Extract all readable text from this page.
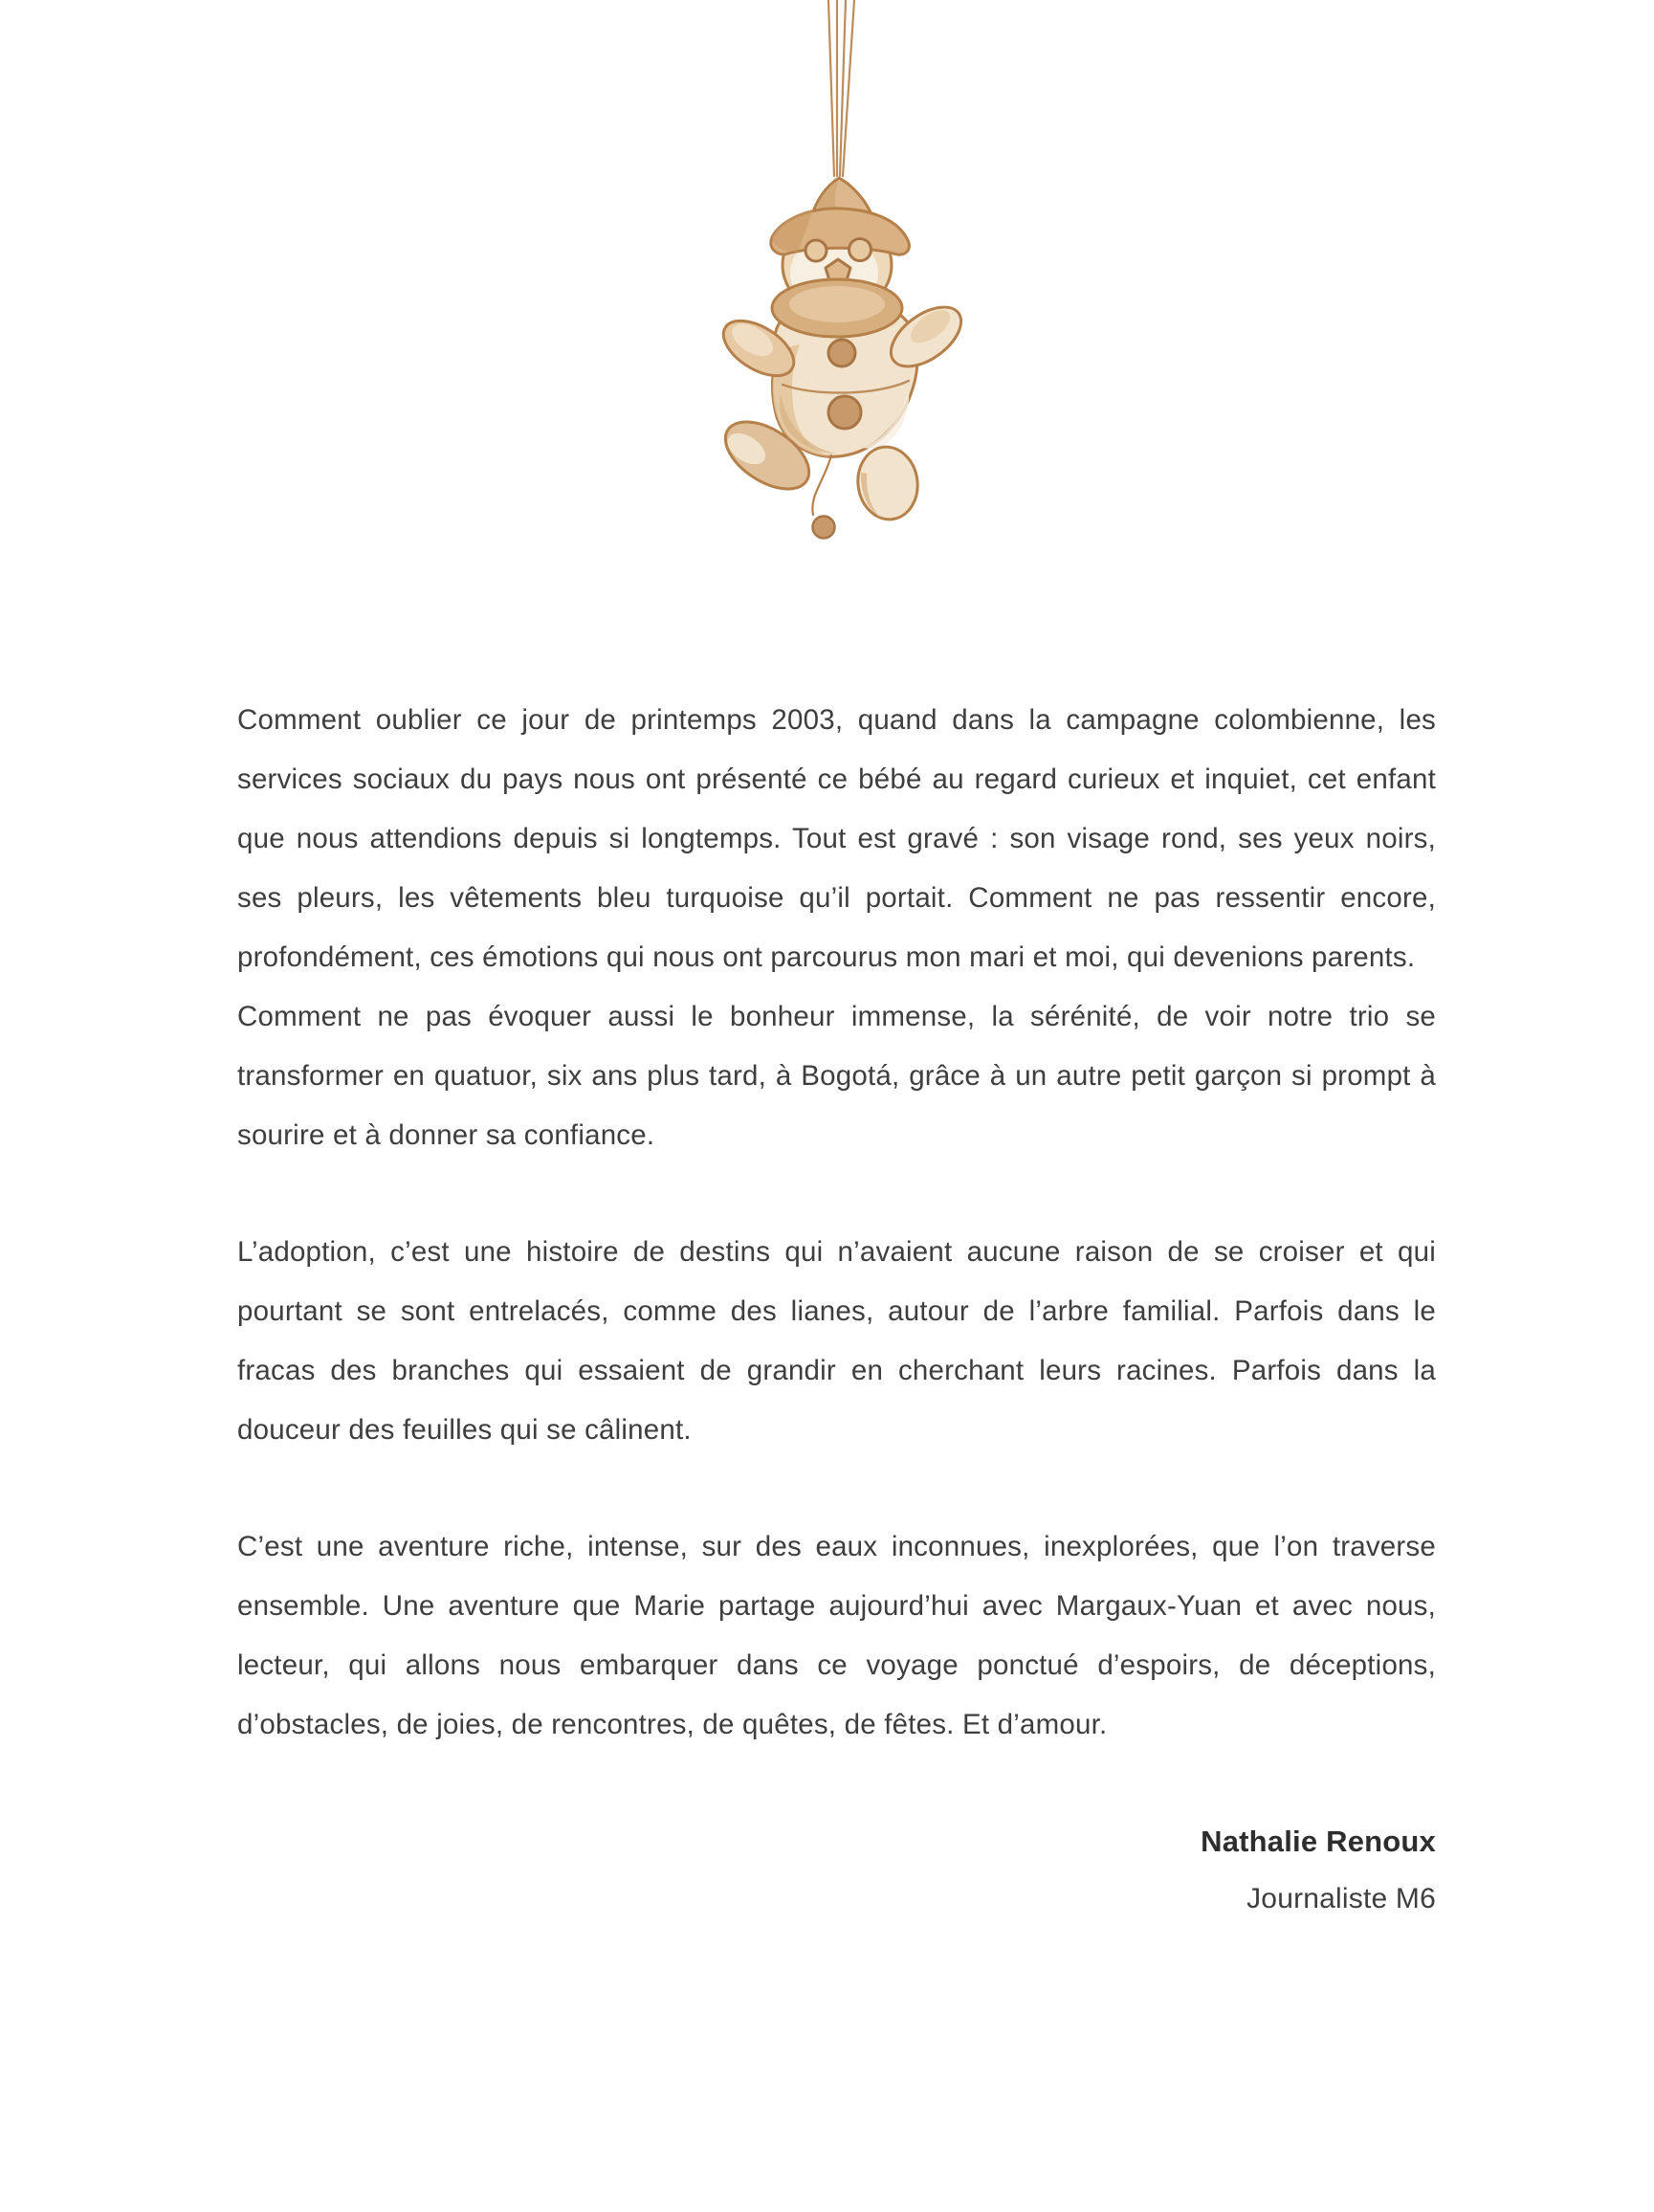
Comment oublier ce jour de printemps 2003, quand dans la campagne colombienne, les services sociaux du pays nous ont présenté ce bébé au regard curieux et inquiet, cet enfant que nous attendions depuis si longtemps. Tout est gravé : son visage rond, ses yeux noirs, ses pleurs, les vêtements bleu turquoise qu’il portait. Comment ne pas ressentir encore, profondément, ces émotions qui nous ont parcourus mon mari et moi, qui devenions parents.

Comment ne pas évoquer aussi le bonheur immense, la sérénité, de voir notre trio se transformer en quatuor, six ans plus tard, à Bogotá, grâce à un autre petit garçon si prompt à sourire et à donner sa confiance.

L’adoption, c’est une histoire de destins qui n’avaient aucune raison de se croiser et qui pourtant se sont entrelacés, comme des lianes, autour de l’arbre familial. Parfois dans le fracas des branches qui essaient de grandir en cherchant leurs racines. Parfois dans la douceur des feuilles qui se câlinent.

C’est une aventure riche, intense, sur des eaux inconnues, inexplorées, que l’on traverse ensemble. Une aventure que Marie partage aujourd’hui avec Margaux-Yuan et avec nous, lecteur, qui allons nous embarquer dans ce voyage ponctué d’espoirs, de déceptions, d’obstacles, de joies, de rencontres, de quêtes, de fêtes. Et d’amour.

Nathalie Renoux
Journaliste M6
